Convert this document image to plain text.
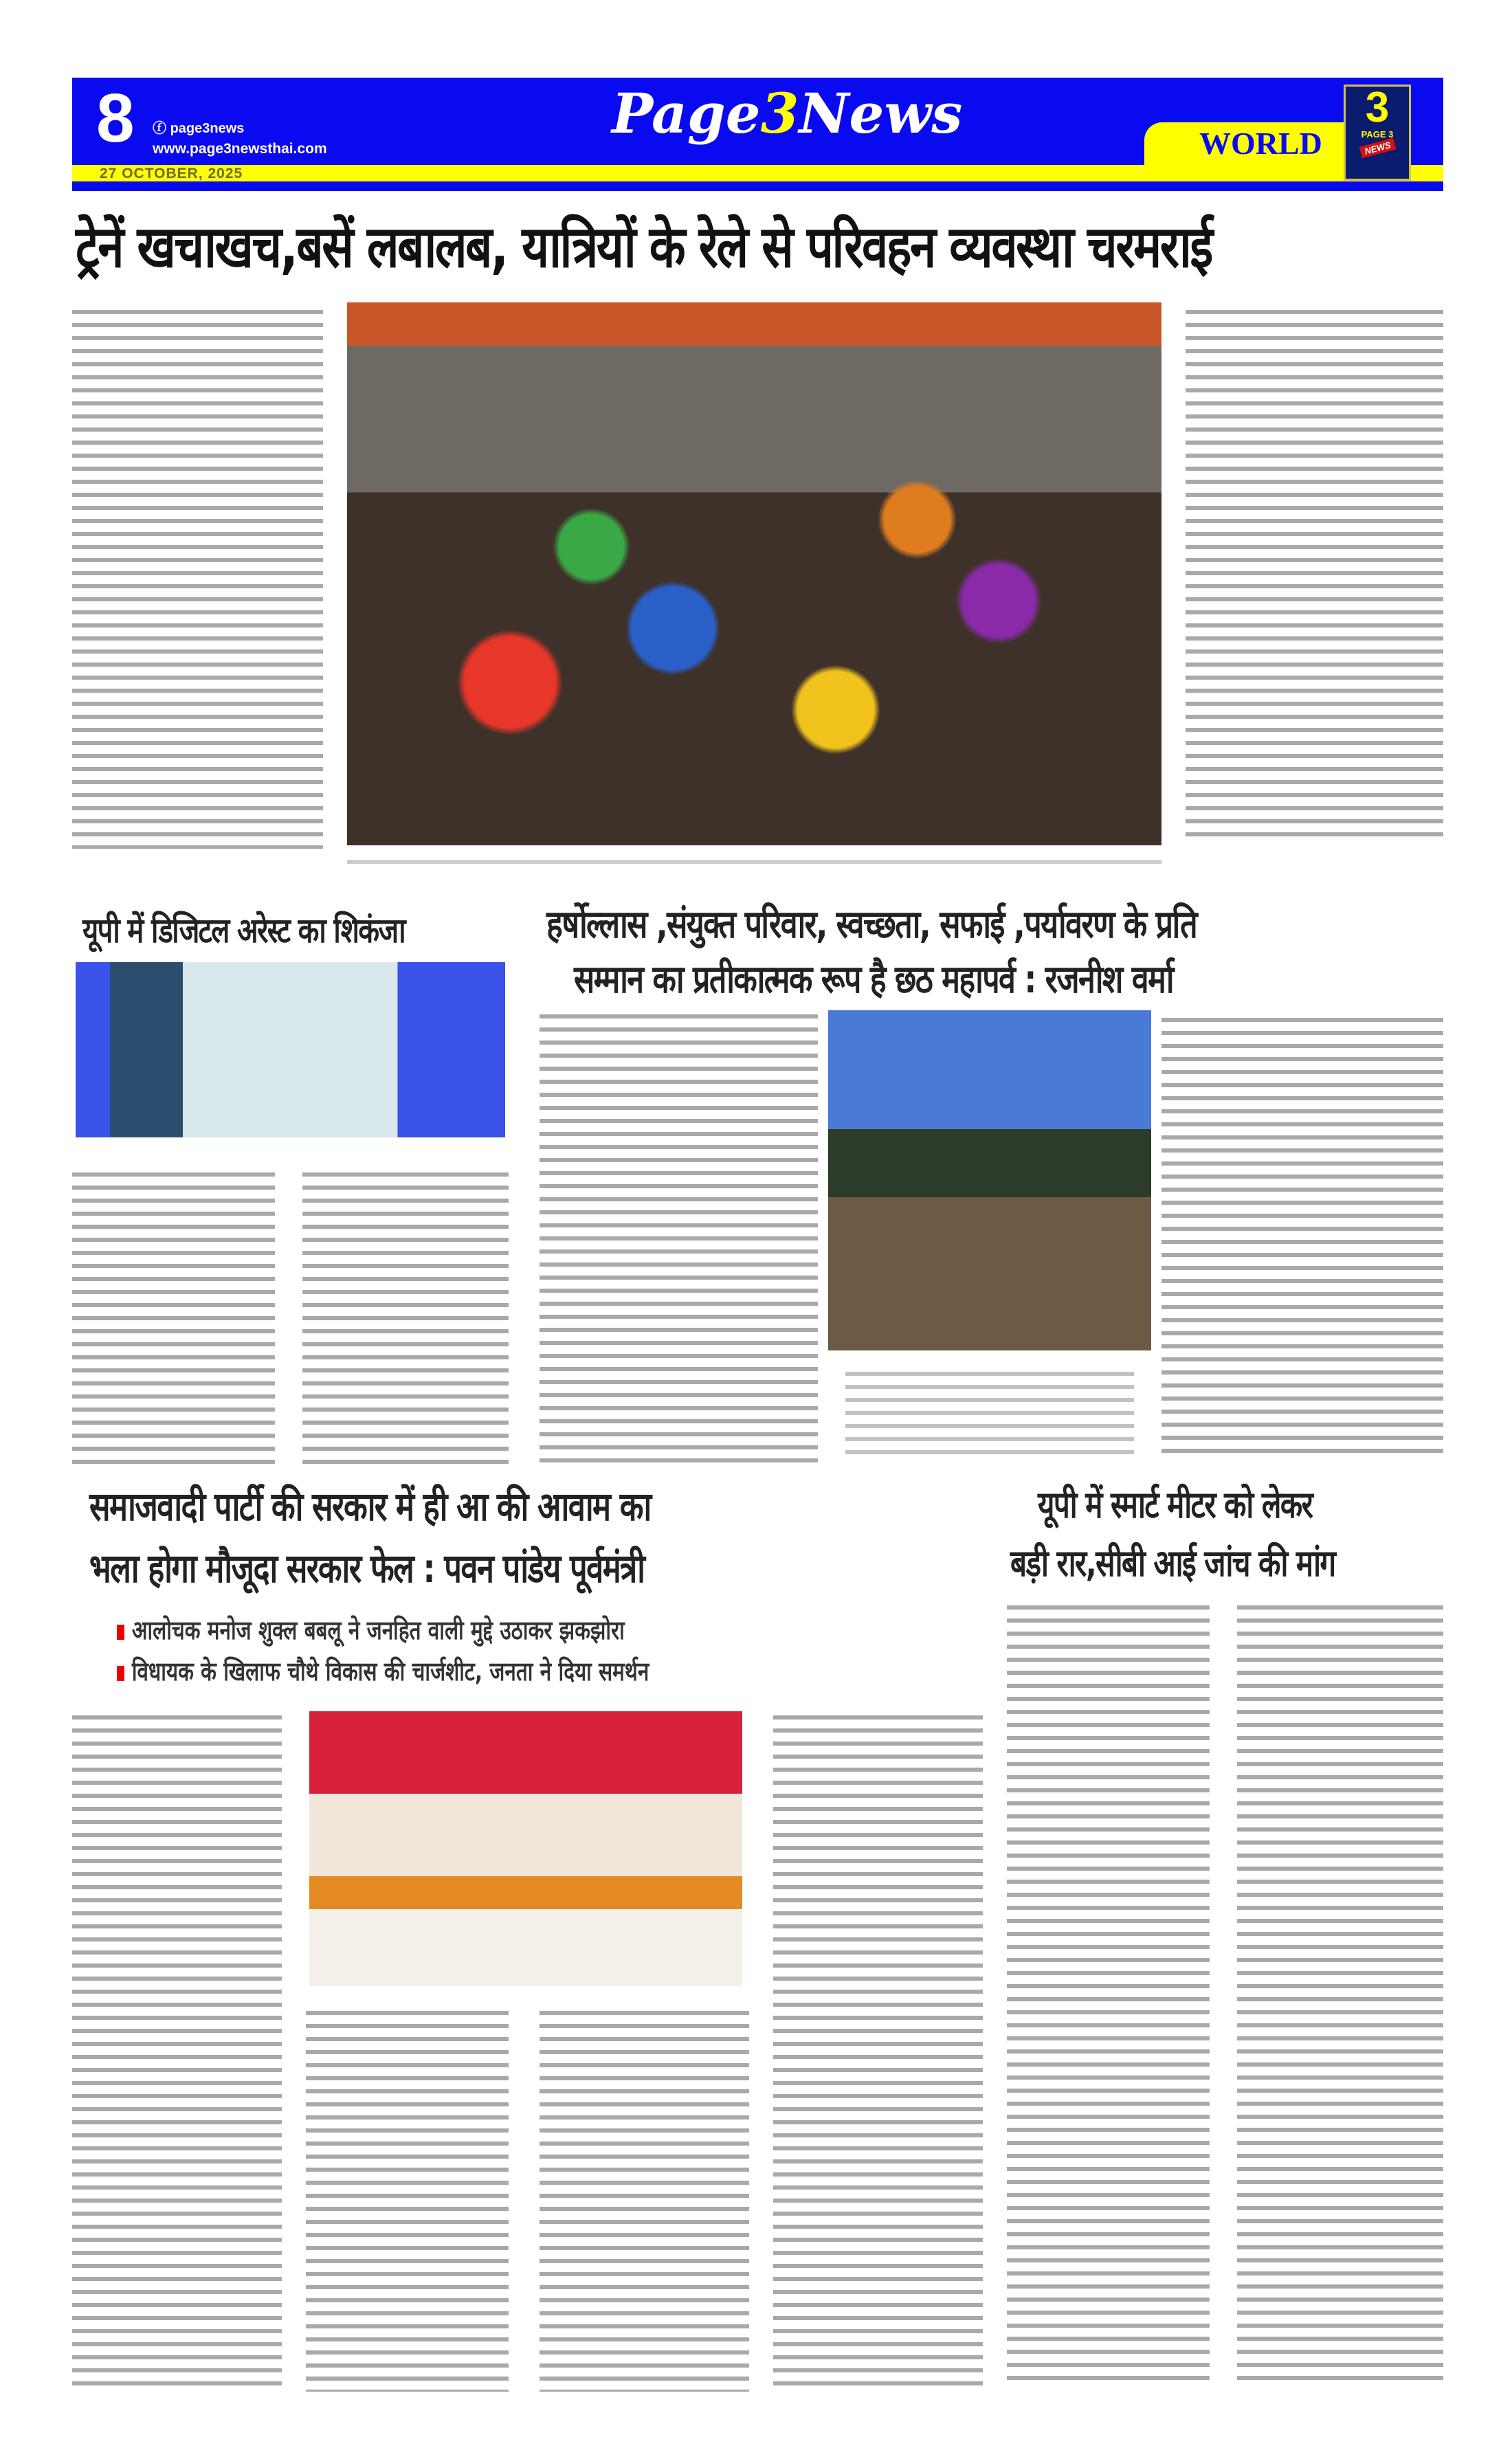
8 ⓕ page3news
www.page3newsthai.com
27 OCTOBER, 2025
Page3News	WORLD
3
PAGE 3
NEWS
ट्रेनें खचाखच,बसें लबालब, यात्रियों के रेले से परिवहन व्यवस्था चरमराई
यूपी में डिजिटल अरेस्ट का शिकंजा	हर्षोल्लास ,संयुक्त परिवार, स्वच्छता, सफाई ,पर्यावरण के प्रति
सम्मान का प्रतीकात्मक रूप है छठ महापर्व : रजनीश वर्मा
समाजवादी पार्टी की सरकार में ही आ की आवाम का
भला होगा मौजूदा सरकार फेल : पवन पांडेय पूर्वमंत्री
आलोचक मनोज शुक्ल बबलू ने जनहित वाली मुद्दे उठाकर झकझोरा
विधायक के खिलाफ चौथे विकास की चार्जशीट, जनता ने दिया समर्थन
यूपी में स्मार्ट मीटर को लेकर
बड़ी रार,सीबी आई जांच की मांग
